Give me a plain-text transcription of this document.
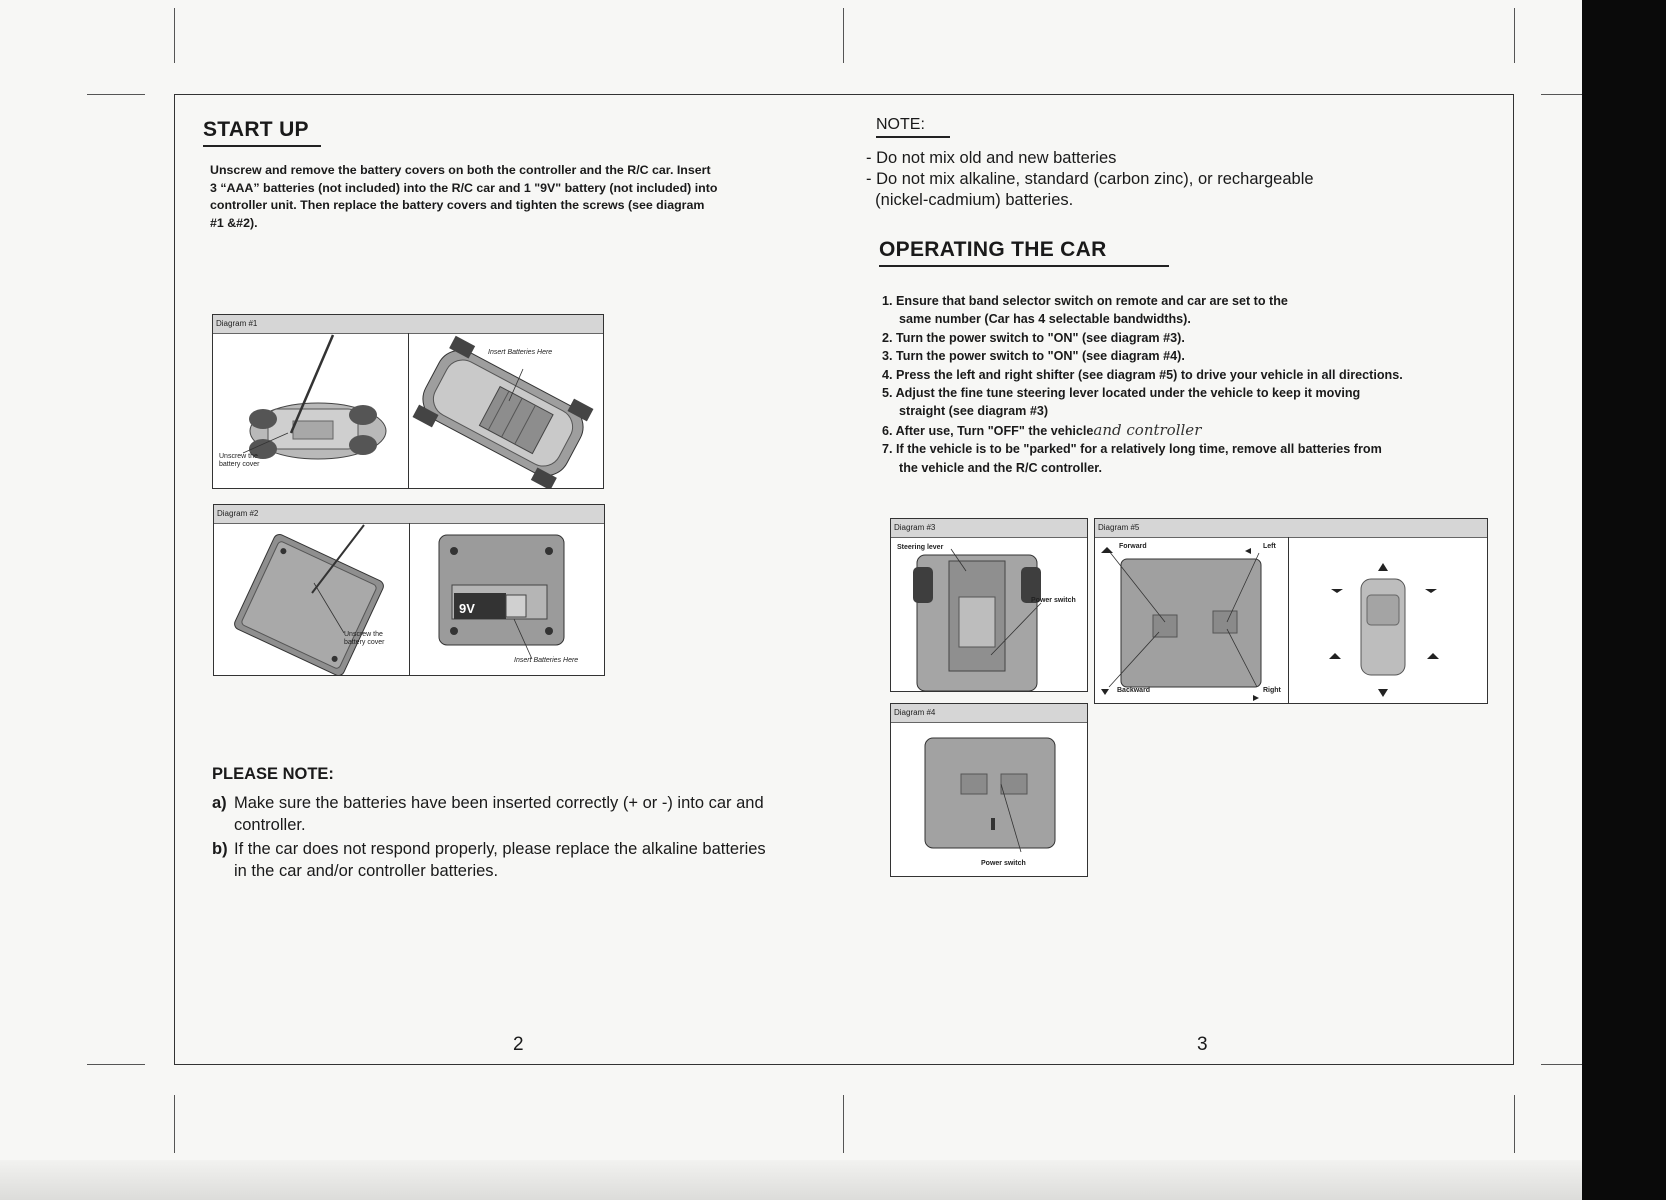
START UP
Unscrew and remove the battery covers on both the controller and the R/C car. Insert
3 “AAA” batteries (not included) into the R/C car and 1 "9V" battery (not included) into
controller unit. Then replace the battery covers and tighten the screws (see diagram
#1 &#2).
Diagram #1
Unscrew the
battery cover
Insert Batteries Here
Diagram #2
9V
Unscrew the
battery cover
Insert Batteries Here
PLEASE NOTE:
a) Make sure the batteries have been inserted correctly (+ or -) into car and
controller.
b) If the car does not respond properly, please replace the alkaline batteries
in the car and/or controller batteries.
2
NOTE:
- Do not mix old and new batteries
- Do not mix alkaline, standard (carbon zinc), or rechargeable
(nickel-cadmium) batteries.
OPERATING THE CAR
1. Ensure that band selector switch on remote and car are set to the
same number (Car has 4 selectable bandwidths).
2. Turn the power switch to "ON" (see diagram #3).
3. Turn the power switch to "ON" (see diagram #4).
4. Press the left and right shifter (see diagram #5) to drive your vehicle in all directions.
5. Adjust the fine tune steering lever located under the vehicle to keep it moving
straight (see diagram #3)
6. After use, Turn "OFF" the vehicleand controller
7. If the vehicle is to be "parked" for a relatively long time, remove all batteries from
the vehicle and the R/C controller.
Diagram #3
Steering lever
Power switch
Diagram #4
Power switch
Diagram #5
Forward	Left
Backward	Right
3
